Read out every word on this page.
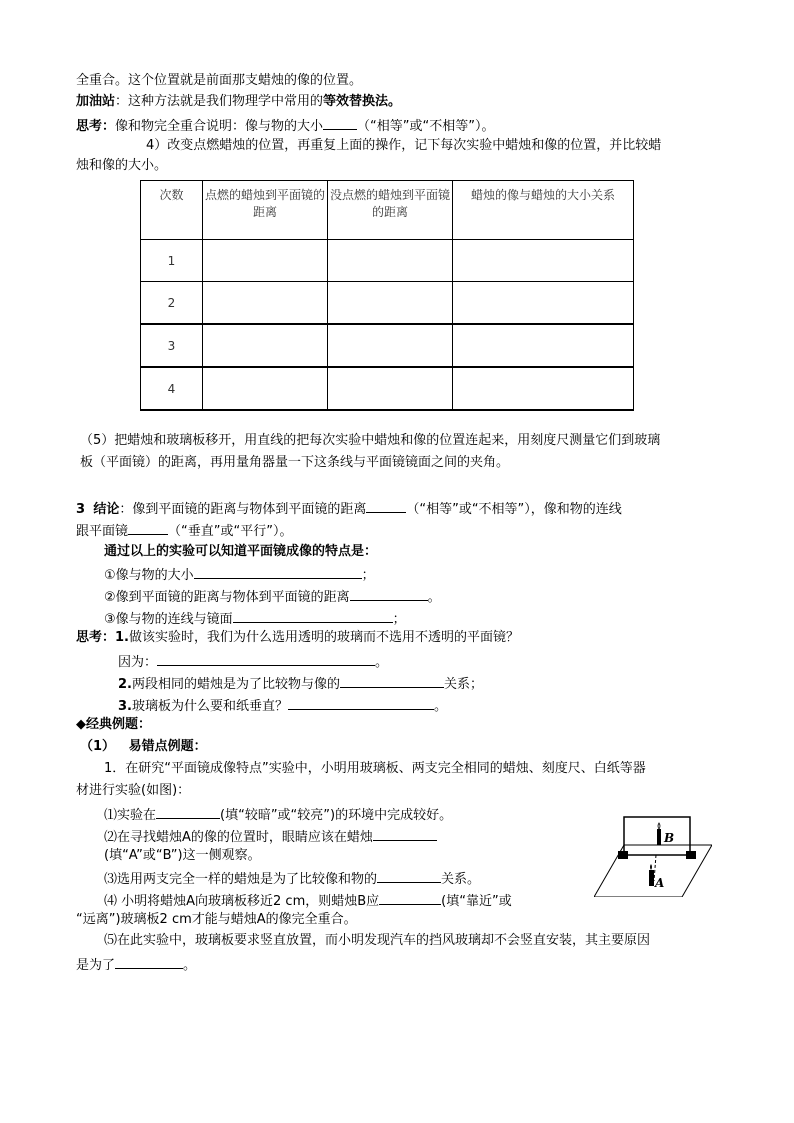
全重合。这个位置就是前面那支蜡烛的像的位置。
加油站：这种方法就是我们物理学中常用的等效替换法。
思考：像和物完全重合说明：像与物的大小	（“相等”或“不相等”）。
4）改变点燃蜡烛的位置，再重复上面的操作，记下每次实验中蜡烛和像的位置，并比较蜡
烛和像的大小。
次数	点燃的蜡烛到平面镜的距离	没点燃的蜡烛到平面镜的距离	蜡烛的像与蜡烛的大小关系
1			
2			
3			
4			
（5）把蜡烛和玻璃板移开，用直线的把每次实验中蜡烛和像的位置连起来，用刻度尺测量它们到玻璃
板（平面镜）的距离，再用量角器量一下这条线与平面镜镜面之间的夹角。
3 结论：像到平面镜的距离与物体到平面镜的距离	（“相等”或“不相等”），像和物的连线
跟平面镜	（“垂直”或“平行”）。
通过以上的实验可以知道平面镜成像的特点是：
①像与物的大小	；
②像到平面镜的距离与物体到平面镜的距离	。
③像与物的连线与镜面	；
思考：1.做该实验时，我们为什么选用透明的玻璃而不选用不透明的平面镜？
因为：	。
2.两段相同的蜡烛是为了比较物与像的	关系；
3.玻璃板为什么要和纸垂直？	。
◆经典例题：
（1） 易错点例题：
1．在研究“平面镜成像特点”实验中，小明用玻璃板、两支完全相同的蜡烛、刻度尺、白纸等器
材进行实验(如图)：
⑴实验在	(填“较暗”或“较亮”)的环境中完成较好。
⑵在寻找蜡烛A的像的位置时，眼睛应该在蜡烛
(填“A”或“B”)这一侧观察。
⑶选用两支完全一样的蜡烛是为了比较像和物的	关系。
⑷ 小明将蜡烛A向玻璃板移近2 cm，则蜡烛B应	(填“靠近”或
“远离”)玻璃板2 cm才能与蜡烛A的像完全重合。
⑸在此实验中，玻璃板要求竖直放置，而小明发现汽车的挡风玻璃却不会竖直安装，其主要原因
是为了	。
B
A
